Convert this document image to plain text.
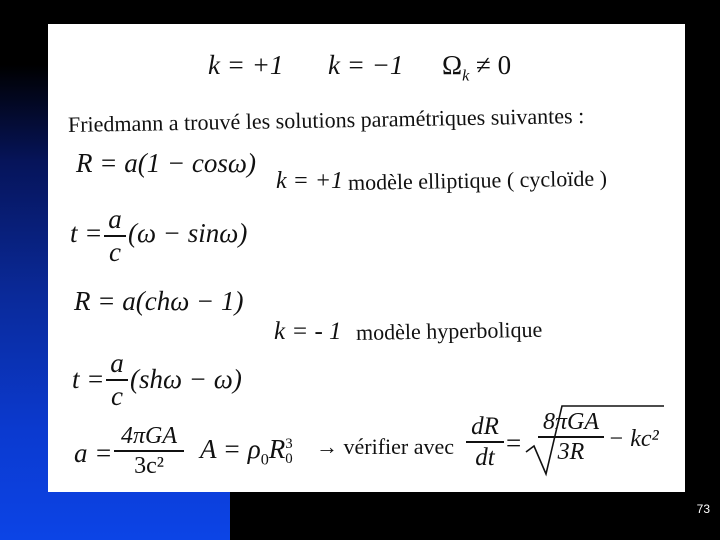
k = +1 k = −1 $\Omega_k \ne 0$
Friedmann a trouvé les solutions paramétriques suivantes :
R = a(1 − cosω)
k = +1 modèle elliptique ( cycloïde )
t = a
c
(ω − sinω)
R = a(chω − 1)
k = - 1 modèle hyperbolique
t =
a
c
(shω − ω)
a =
4πGA
3c²
$A = \rho_0R$ 3
0 → vérifier avec
dR
dt =
8πGA
3R − kc²
73
